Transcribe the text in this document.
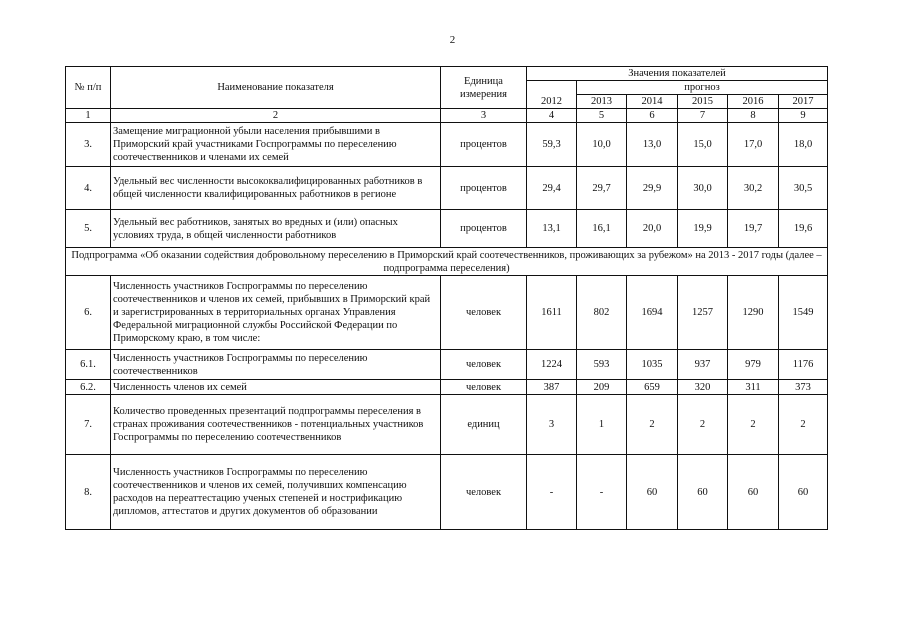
2
№ п/п	Наименование показателя	Единица измерения	Значения показателей					
				прогноз				
			2012	2013	2014	2015	2016	2017
1	2	3	4	5	6	7	8	9
3.	Замещение миграционной убыли населения прибывшими в Приморский край участниками Госпрограммы по переселению соотечественников и членами их семей	процентов	59,3	10,0	13,0	15,0	17,0	18,0
4.	Удельный вес численности высококвалифицированных работников в общей численности квалифицированных работников в регионе	процентов	29,4	29,7	29,9	30,0	30,2	30,5
5.	Удельный вес работников, занятых во вредных и (или) опасных условиях труда, в общей численности работников	процентов	13,1	16,1	20,0	19,9	19,7	19,6
Подпрограмма «Об оказании содействия добровольному переселению в Приморский край соотечественников, проживающих за рубежом» на 2013 - 2017 годы (далее – подпрограмма переселения)								
6.	Численность участников Госпрограммы по переселению соотечественников и членов их семей, прибывших в Приморский край и зарегистрированных в территориальных органах Управления Федеральной миграционной службы Российской Федерации по Приморскому краю, в том числе:	человек	1611	802	1694	1257	1290	1549
6.1.	Численность участников Госпрограммы по переселению соотечественников	человек	1224	593	1035	937	979	1176
6.2.	Численность членов их семей	человек	387	209	659	320	311	373
7.	Количество проведенных презентаций подпрограммы переселения в странах проживания соотечественников - потенциальных участников Госпрограммы по переселению соотечественников	единиц	3	1	2	2	2	2
8.	Численность участников Госпрограммы по переселению соотечественников и членов их семей, получивших компенсацию расходов на переаттестацию ученых степеней и нострификацию дипломов, аттестатов и других документов об образовании	человек	-	-	60	60	60	60
